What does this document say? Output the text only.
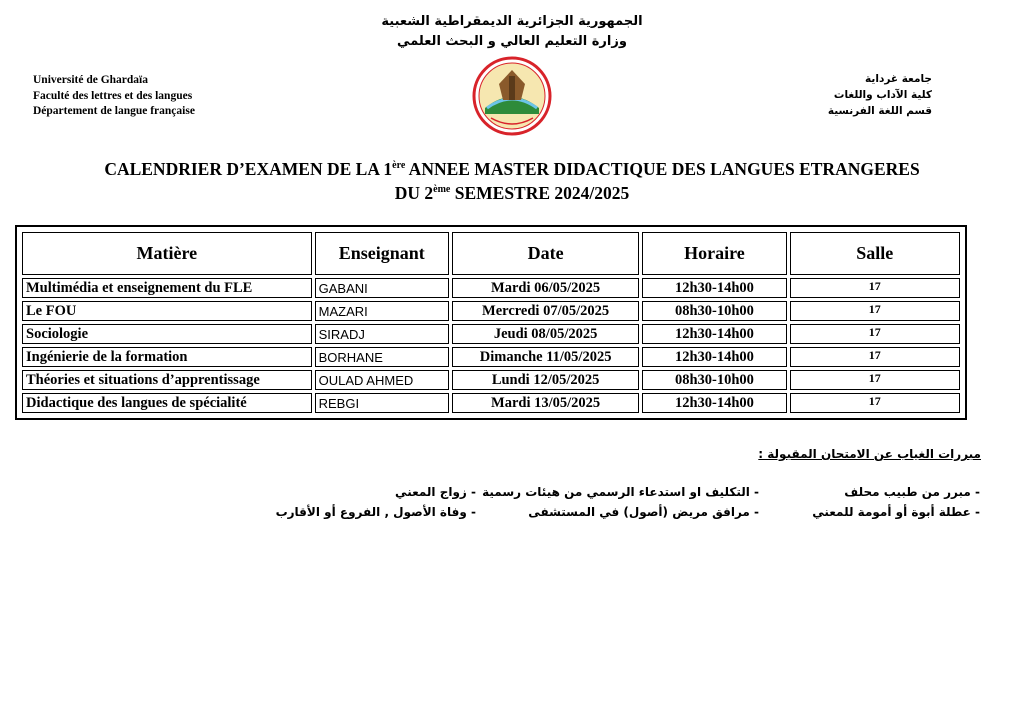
الجمهورية الجزائرية الديمقراطية الشعبية
وزارة التعليم العالي و البحث العلمي
Université de Ghardaïa
Faculté des lettres et des langues
Département de langue française
جامعة غرداية
كلية الآداب واللغات
قسم اللغة الفرنسية
CALENDRIER D’EXAMEN DE LA 1ère ANNEE MASTER DIDACTIQUE DES LANGUES ETRANGERES
DU 2ème SEMESTRE 2024/2025
Matière	Enseignant	Date	Horaire	Salle
Multimédia et enseignement du FLE	GABANI	Mardi 06/05/2025	12h30-14h00	17
Le FOU	MAZARI	Mercredi 07/05/2025	08h30-10h00	17
Sociologie	SIRADJ	Jeudi 08/05/2025	12h30-14h00	17
Ingénierie de la formation	BORHANE	Dimanche 11/05/2025	12h30-14h00	17
Théories et situations d’apprentissage	OULAD AHMED	Lundi 12/05/2025	08h30-10h00	17
Didactique des langues de spécialité	REBGI	Mardi 13/05/2025	12h30-14h00	17
مبررات الغياب عن الامتحان المقبولة :
- مبرر من طبيب محلف
- التكليف او استدعاء الرسمي من هيئات رسمية
- زواج المعني
- عطلة أبوة أو أمومة للمعني
- مرافق مريض (أصول) في المستشفى
- وفاة الأصول , الفروع أو الأقارب
